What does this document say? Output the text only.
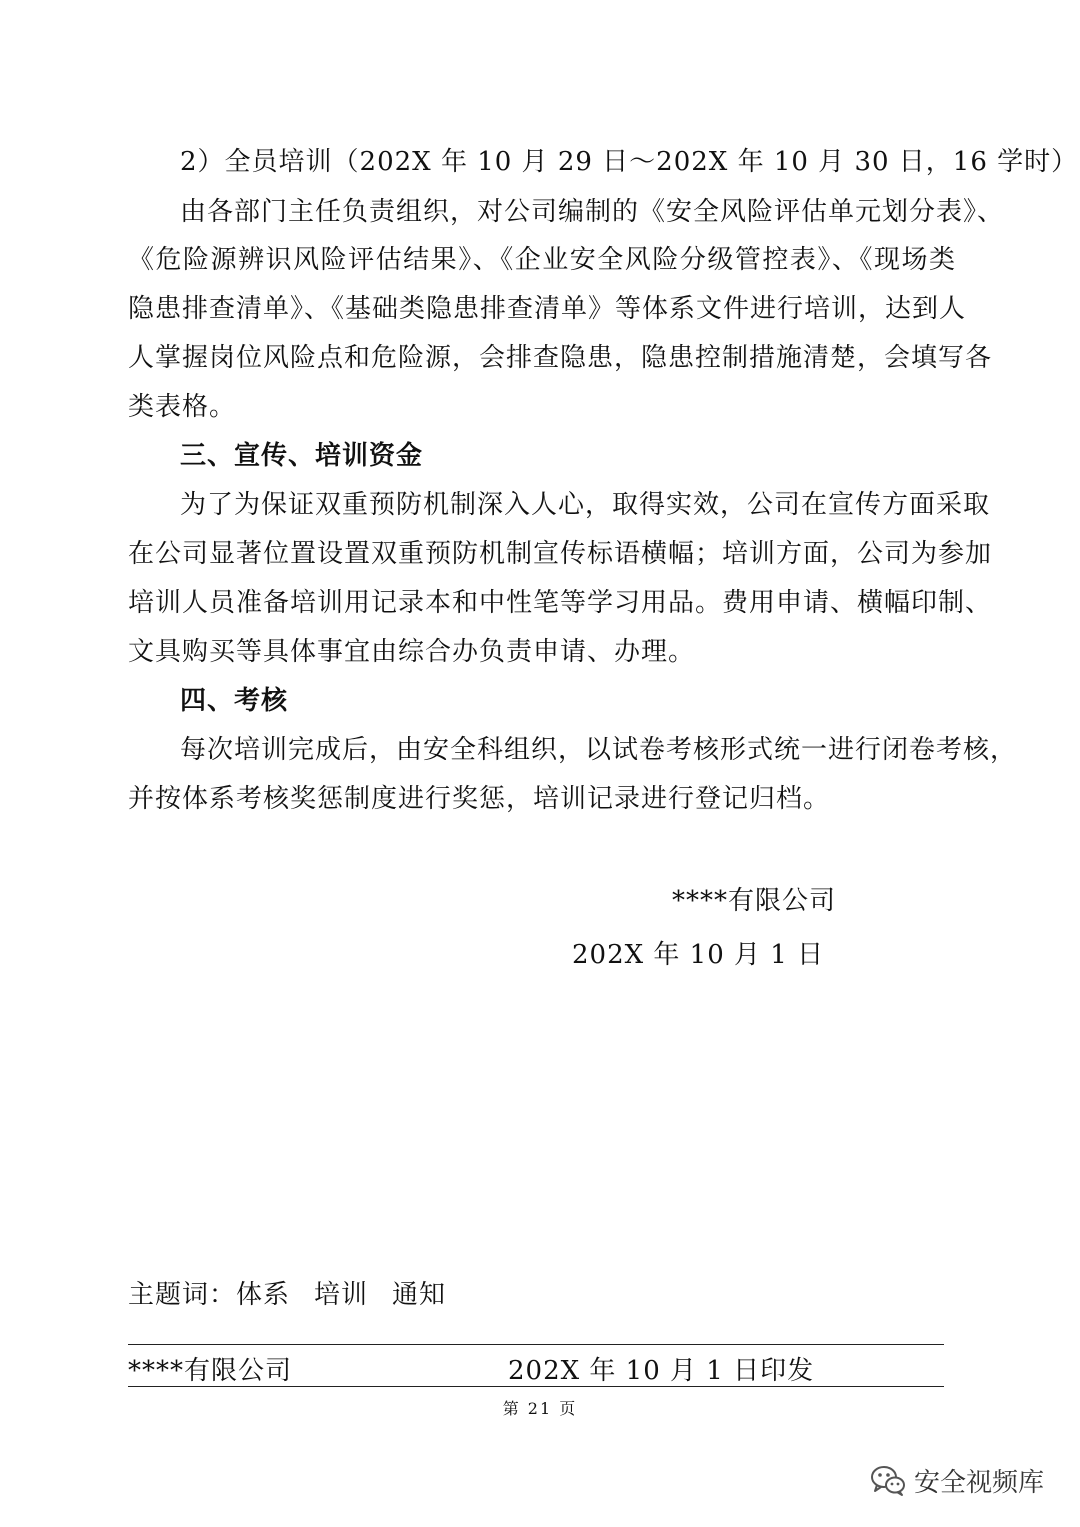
2）全员培训（202X 年 10 月 29 日～202X 年 10 月 30 日，16 学时）
由各部门主任负责组织，对公司编制的《安全风险评估单元划分表》、
《危险源辨识风险评估结果》、《企业安全风险分级管控表》、《现场类
隐患排查清单》、《基础类隐患排查清单》等体系文件进行培训，达到人
人掌握岗位风险点和危险源，会排查隐患，隐患控制措施清楚，会填写各
类表格。
三、宣传、培训资金
为了为保证双重预防机制深入人心，取得实效，公司在宣传方面采取
在公司显著位置设置双重预防机制宣传标语横幅；培训方面，公司为参加
培训人员准备培训用记录本和中性笔等学习用品。费用申请、横幅印制、
文具购买等具体事宜由综合办负责申请、办理。
四、考核
每次培训完成后，由安全科组织，以试卷考核形式统一进行闭卷考核，
并按体系考核奖惩制度进行奖惩，培训记录进行登记归档。
****有限公司
202X 年 10 月 1 日
主题词：体系 培训 通知
****有限公司	202X 年 10 月 1 日印发
第 21 页
安全视频库
